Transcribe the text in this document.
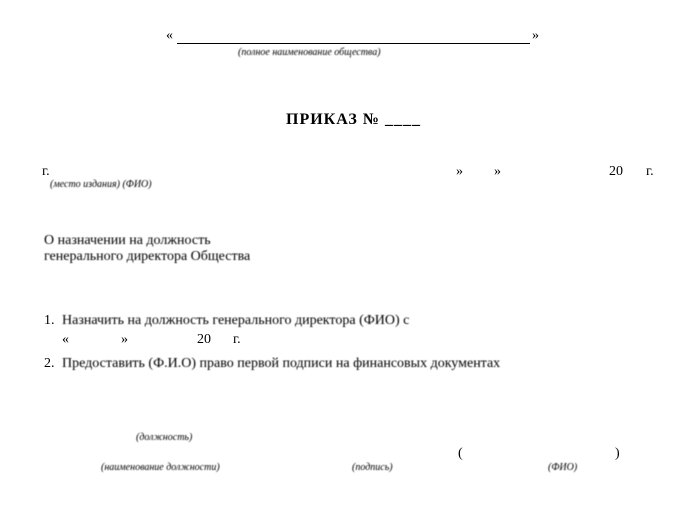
«	»
(полное наименование общества)
ПРИКАЗ № ____
г.
(место издания) (ФИО)
» »	20 г.
О назначении на должность
генерального директора Общества
1. Назначить на должность генерального директора (ФИО) с
«	»	20 г.
2. Предоставить (Ф.И.О) право первой подписи на финансовых документах
(должность)
(наименование должности)	(подпись)
(	)
(ФИО)
